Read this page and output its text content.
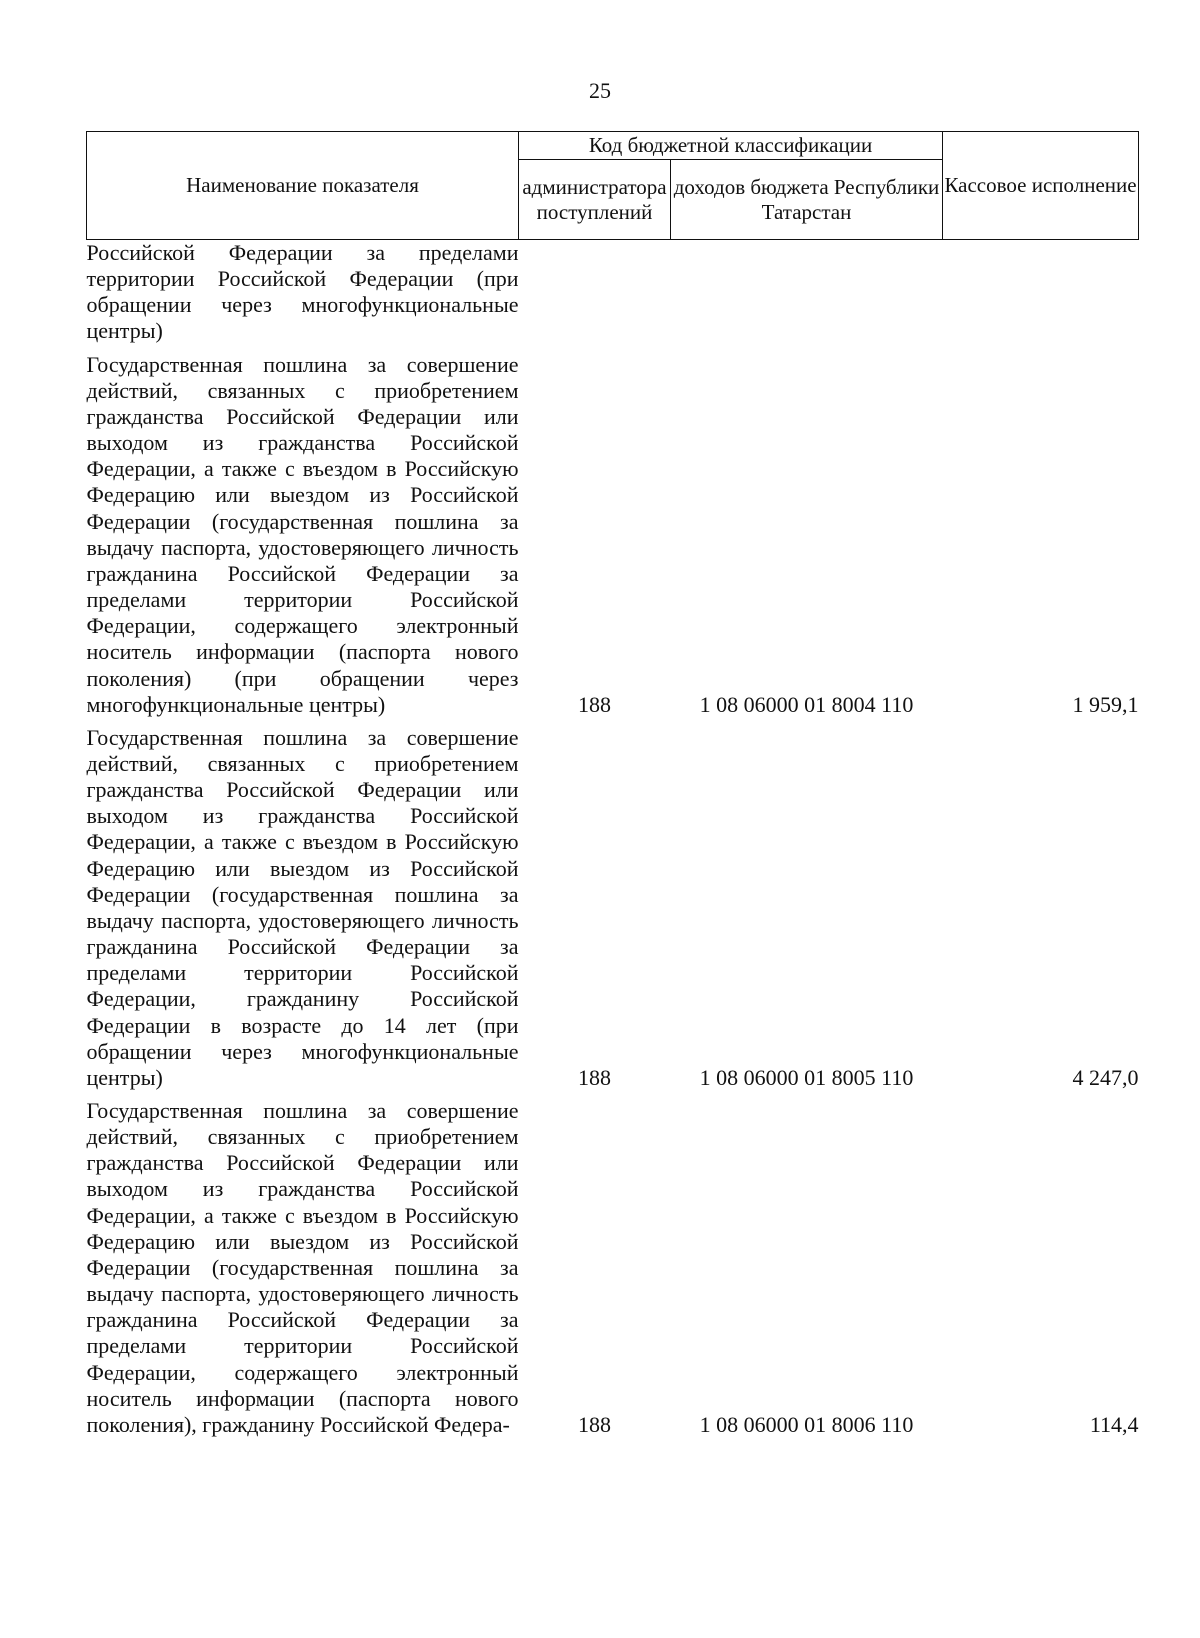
25
Наименование показателя	Код бюджетной классификации		Кассовое исполнение
	администратора поступлений	доходов бюджета Республики Татарстан	
Российской Федерации за пределами территории Российской Федерации (при обращении через многофункциональные центры)			

Государственная пошлина за совершение действий, связанных с приобретением гражданства Российской Федерации или выходом из гражданства Российской Федерации, а также с въездом в Российскую Федерацию или выездом из Российской Федерации (государственная пошлина за выдачу паспорта, удостоверяющего личность гражданина Российской Федерации за пределами территории Российской Федерации, содержащего электронный носитель информации (паспорта нового поколения) (при обращении через многофункциональные центры)	188	1 08 06000 01 8004 110	1 959,1

Государственная пошлина за совершение действий, связанных с приобретением гражданства Российской Федерации или выходом из гражданства Российской Федерации, а также с въездом в Российскую Федерацию или выездом из Российской Федерации (государственная пошлина за выдачу паспорта, удостоверяющего личность гражданина Российской Федерации за пределами территории Российской Федерации, гражданину Российской Федерации в возрасте до 14 лет (при обращении через многофункциональные центры)	188	1 08 06000 01 8005 110	4 247,0

Государственная пошлина за совершение действий, связанных с приобретением гражданства Российской Федерации или выходом из гражданства Российской Федерации, а также с въездом в Российскую Федерацию или выездом из Российской Федерации (государственная пошлина за выдачу паспорта, удостоверяющего личность гражданина Российской Федерации за пределами территории Российской Федерации, содержащего электронный носитель информации (паспорта нового поколения), гражданину Российской Федера-	188	1 08 06000 01 8006 110	114,4
